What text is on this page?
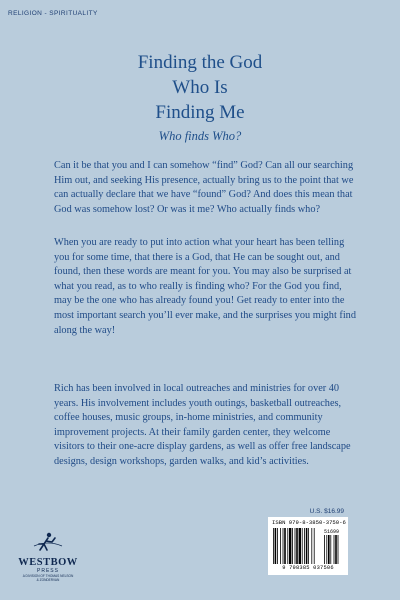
RELIGION - SPIRITUALITY
Finding the God
Who Is
Finding Me
Who finds Who?

Can it be that you and I can somehow “find” God? Can all our searching Him out, and seeking His presence, actually bring us to the point that we can actually declare that we have “found” God? And does this mean that God was somehow lost? Or was it me? Who actually finds who?

When you are ready to put into action what your heart has been telling you for some time, that there is a God, that He can be sought out, and found, then these words are meant for you. You may also be surprised at what you read, as to who really is finding who? For the God you find, may be the one who has already found you! Get ready to enter into the most important search you’ll ever make, and the surprises you might find along the way!

Rich has been involved in local outreaches and ministries for over 40 years. His involvement includes youth outings, basketball outreaches, coffee houses, music groups, in-home ministries, and community improvement projects. At their family garden center, they welcome visitors to their one-acre display gardens, as well as offer free landscape designs, design workshops, garden walks, and kid’s activities.

U.S. $16.99
ISBN 979-8-3850-3750-6
51699
9 798385 037506
WESTBOW
PRESS
A DIVISION OF THOMAS NELSON
& ZONDERVAN
